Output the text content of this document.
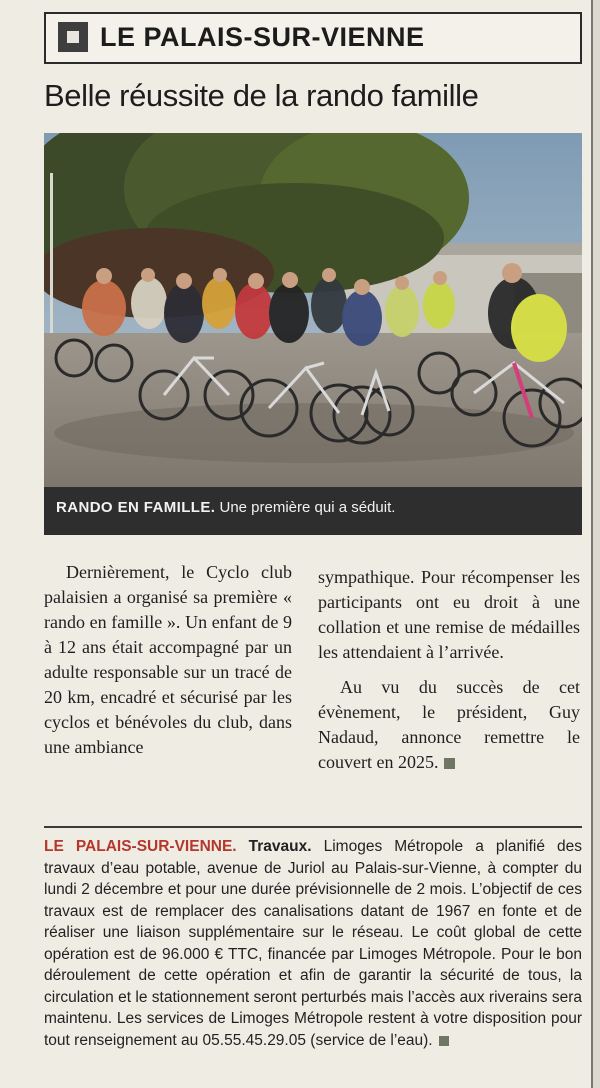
LE PALAIS-SUR-VIENNE
Belle réussite de la rando famille
RANDO EN FAMILLE. Une première qui a séduit.

Dernièrement, le Cyclo club palaisien a organisé sa première « rando en famille ». Un enfant de 9 à 12 ans était accompagné par un adulte responsable sur un tracé de 20 km, encadré et sécurisé par les cyclos et bénévoles du club, dans une ambiance

sympathique. Pour récompenser les participants ont eu droit à une collation et une remise de médailles les attendaient à l’arrivée.

Au vu du succès de cet évènement, le président, Guy Nadaud, annonce remettre le couvert en 2025.

LE PALAIS-SUR-VIENNE. Travaux. Limoges Métropole a planifié des travaux d’eau potable, avenue de Juriol au Palais-sur-Vienne, à compter du lundi 2 décembre et pour une durée prévisionnelle de 2 mois. L’objectif de ces travaux est de remplacer des canalisations datant de 1967 en fonte et de réaliser une liaison supplémentaire sur le réseau. Le coût global de cette opération est de 96.000 € TTC, financée par Limoges Métropole. Pour le bon déroulement de cette opération et afin de garantir la sécurité de tous, la circulation et le stationnement seront perturbés mais l’accès aux riverains sera maintenu. Les services de Limoges Métropole restent à votre disposition pour tout renseignement au 05.55.45.29.05 (service de l’eau).
